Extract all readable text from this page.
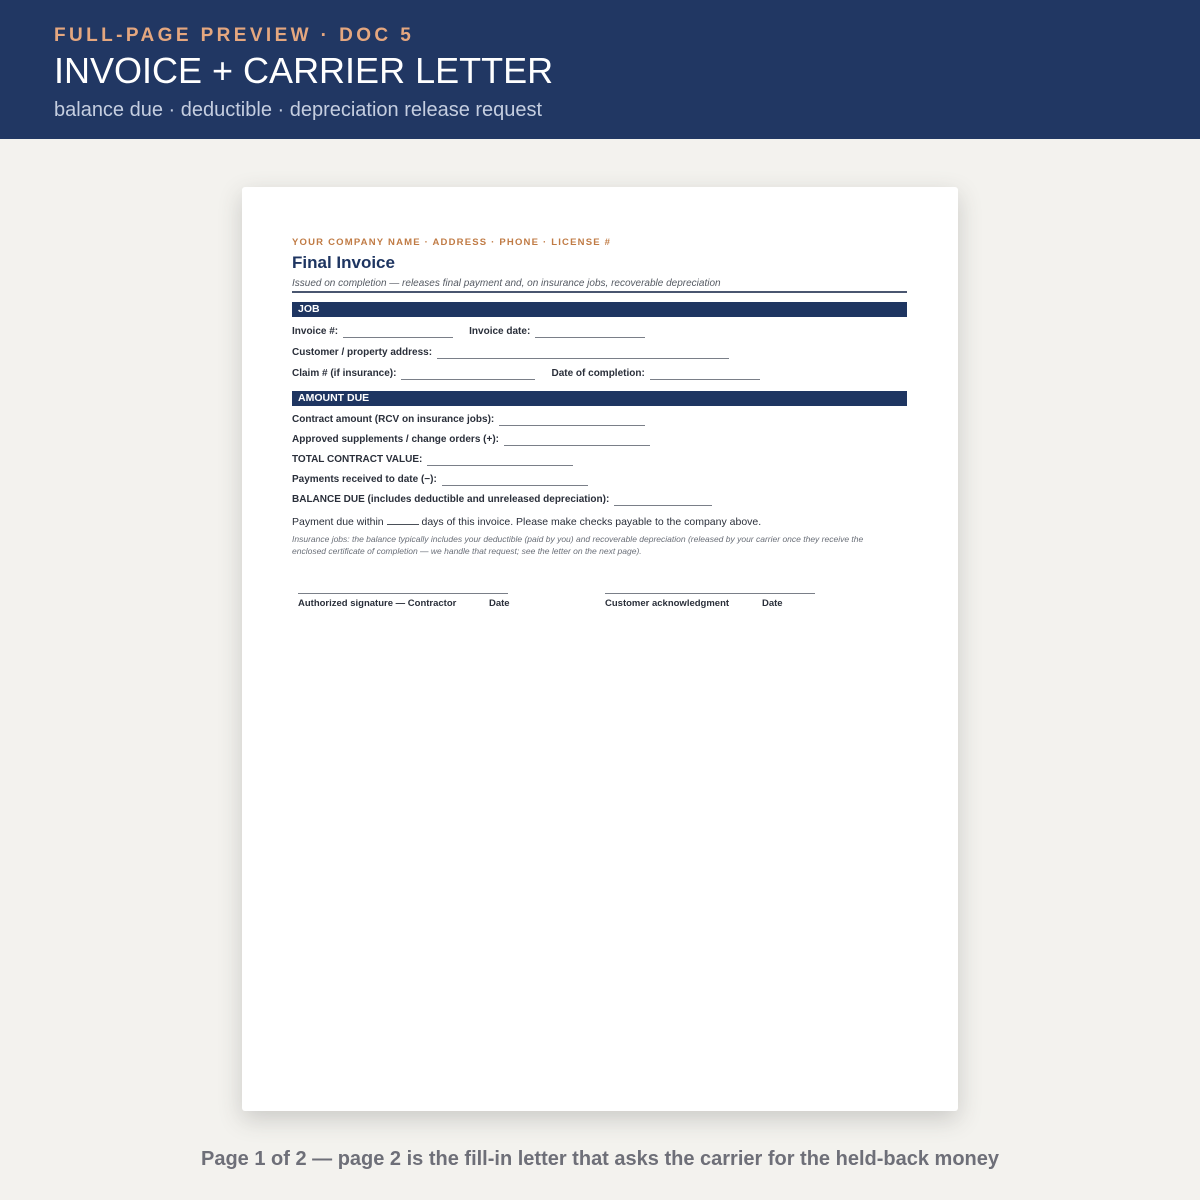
FULL-PAGE PREVIEW · DOC 5
INVOICE + CARRIER LETTER
balance due · deductible · depreciation release request
YOUR COMPANY NAME · ADDRESS · PHONE · LICENSE #
Final Invoice
Issued on completion — releases final payment and, on insurance jobs, recoverable depreciation
JOB
Invoice #:	Invoice date:
Customer / property address:
Claim # (if insurance):	Date of completion:
AMOUNT DUE
Contract amount (RCV on insurance jobs):
Approved supplements / change orders (+):
TOTAL CONTRACT VALUE:
Payments received to date (−):
BALANCE DUE (includes deductible and unreleased depreciation):
Payment due within	days of this invoice. Please make checks payable to the company above.
Insurance jobs: the balance typically includes your deductible (paid by you) and recoverable depreciation (released by your carrier once they receive the enclosed certificate of completion — we handle that request; see the letter on the next page).
Authorized signature — Contractor	Date	Customer acknowledgment	Date
Page 1 of 2 — page 2 is the fill-in letter that asks the carrier for the held-back money
